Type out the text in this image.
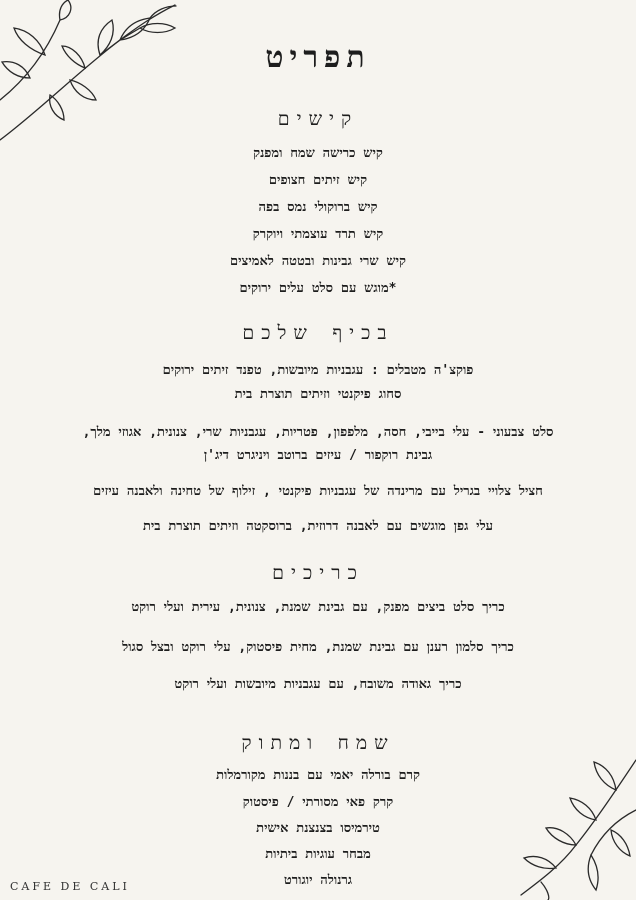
תפריט
קישים
קיש כרישה שמח ומפנק
קיש זיתים חצופים
קיש ברוקולי נמס בפה
קיש תרד עוצמתי ויוקרק
קיש שרי גבינות ובטטה לאמיצים
*מוגש עם סלט עלים ירוקים
בכיף שלכם
פוקצ'ה מטבלים : עגבניות מיובשות, טפנד זיתים ירוקים
סחוג פיקנטי וזיתים תוצרת בית
סלט צבעוני - עלי בייבי, חסה, מלפפון, פטריות, עגבניות שרי, צנונית, אגוזי מלך,
גבינת רוקפור / עיזים ברוטב ויניגרט דיג'ן
חציל צלויי בגריל עם מרינדה של עגבניות פיקנטי , זילוף של טחינה ולאבנה עיזים
עלי גפן מוגשים עם לאבנה דרוזית, ברוסקטה וזיתים תוצרת בית
כריכים
כריך סלט ביצים מפנק, עם גבינת שמנת, צנונית, עירית ועלי רוקט
כריך סלמון רענן עם גבינת שמנת, מחית פיסטוק, עלי רוקט ובצל סגול
כריך גאודה משובח, עם עגבניות מיובשות ועלי רוקט
שמח ומתוק
קרם בורלה יאמי עם בננות מקורמלות
קרק פאי מסורתי / פיסטוק
טירמיסו בצנצנת אישית
מבחר עוגיות ביתיות
גרנולה יוגורט
CAFE DE CALI
